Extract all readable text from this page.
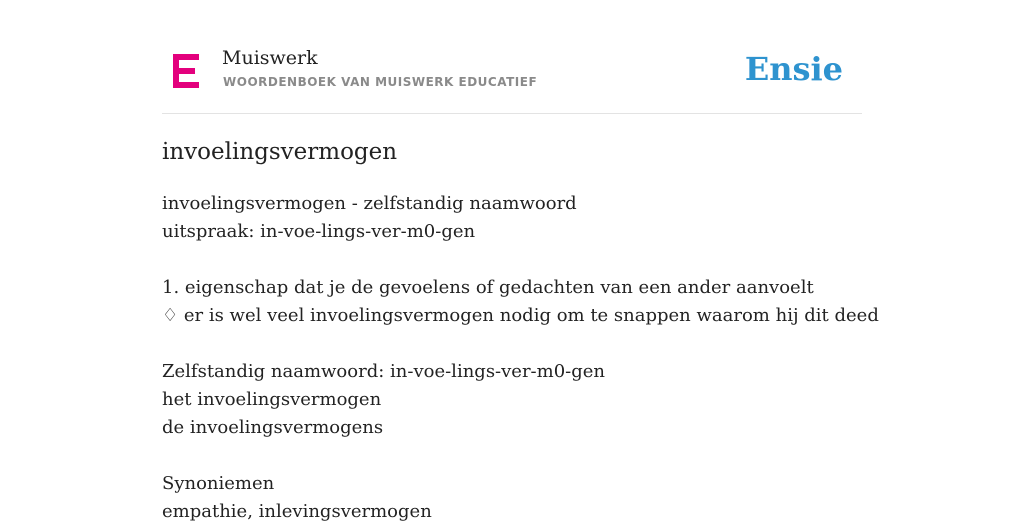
Muiswerk
WOORDENBOEK VAN MUISWERK EDUCATIEF	Ensie
invoelingsvermogen
invoelingsvermogen - zelfstandig naamwoord
uitspraak: in-voe-lings-ver-m0-gen
1. eigenschap dat je de gevoelens of gedachten van een ander aanvoelt
♢ er is wel veel invoelingsvermogen nodig om te snappen waarom hij dit deed
Zelfstandig naamwoord: in-voe-lings-ver-m0-gen
het invoelingsvermogen
de invoelingsvermogens
Synoniemen
empathie, inlevingsvermogen
